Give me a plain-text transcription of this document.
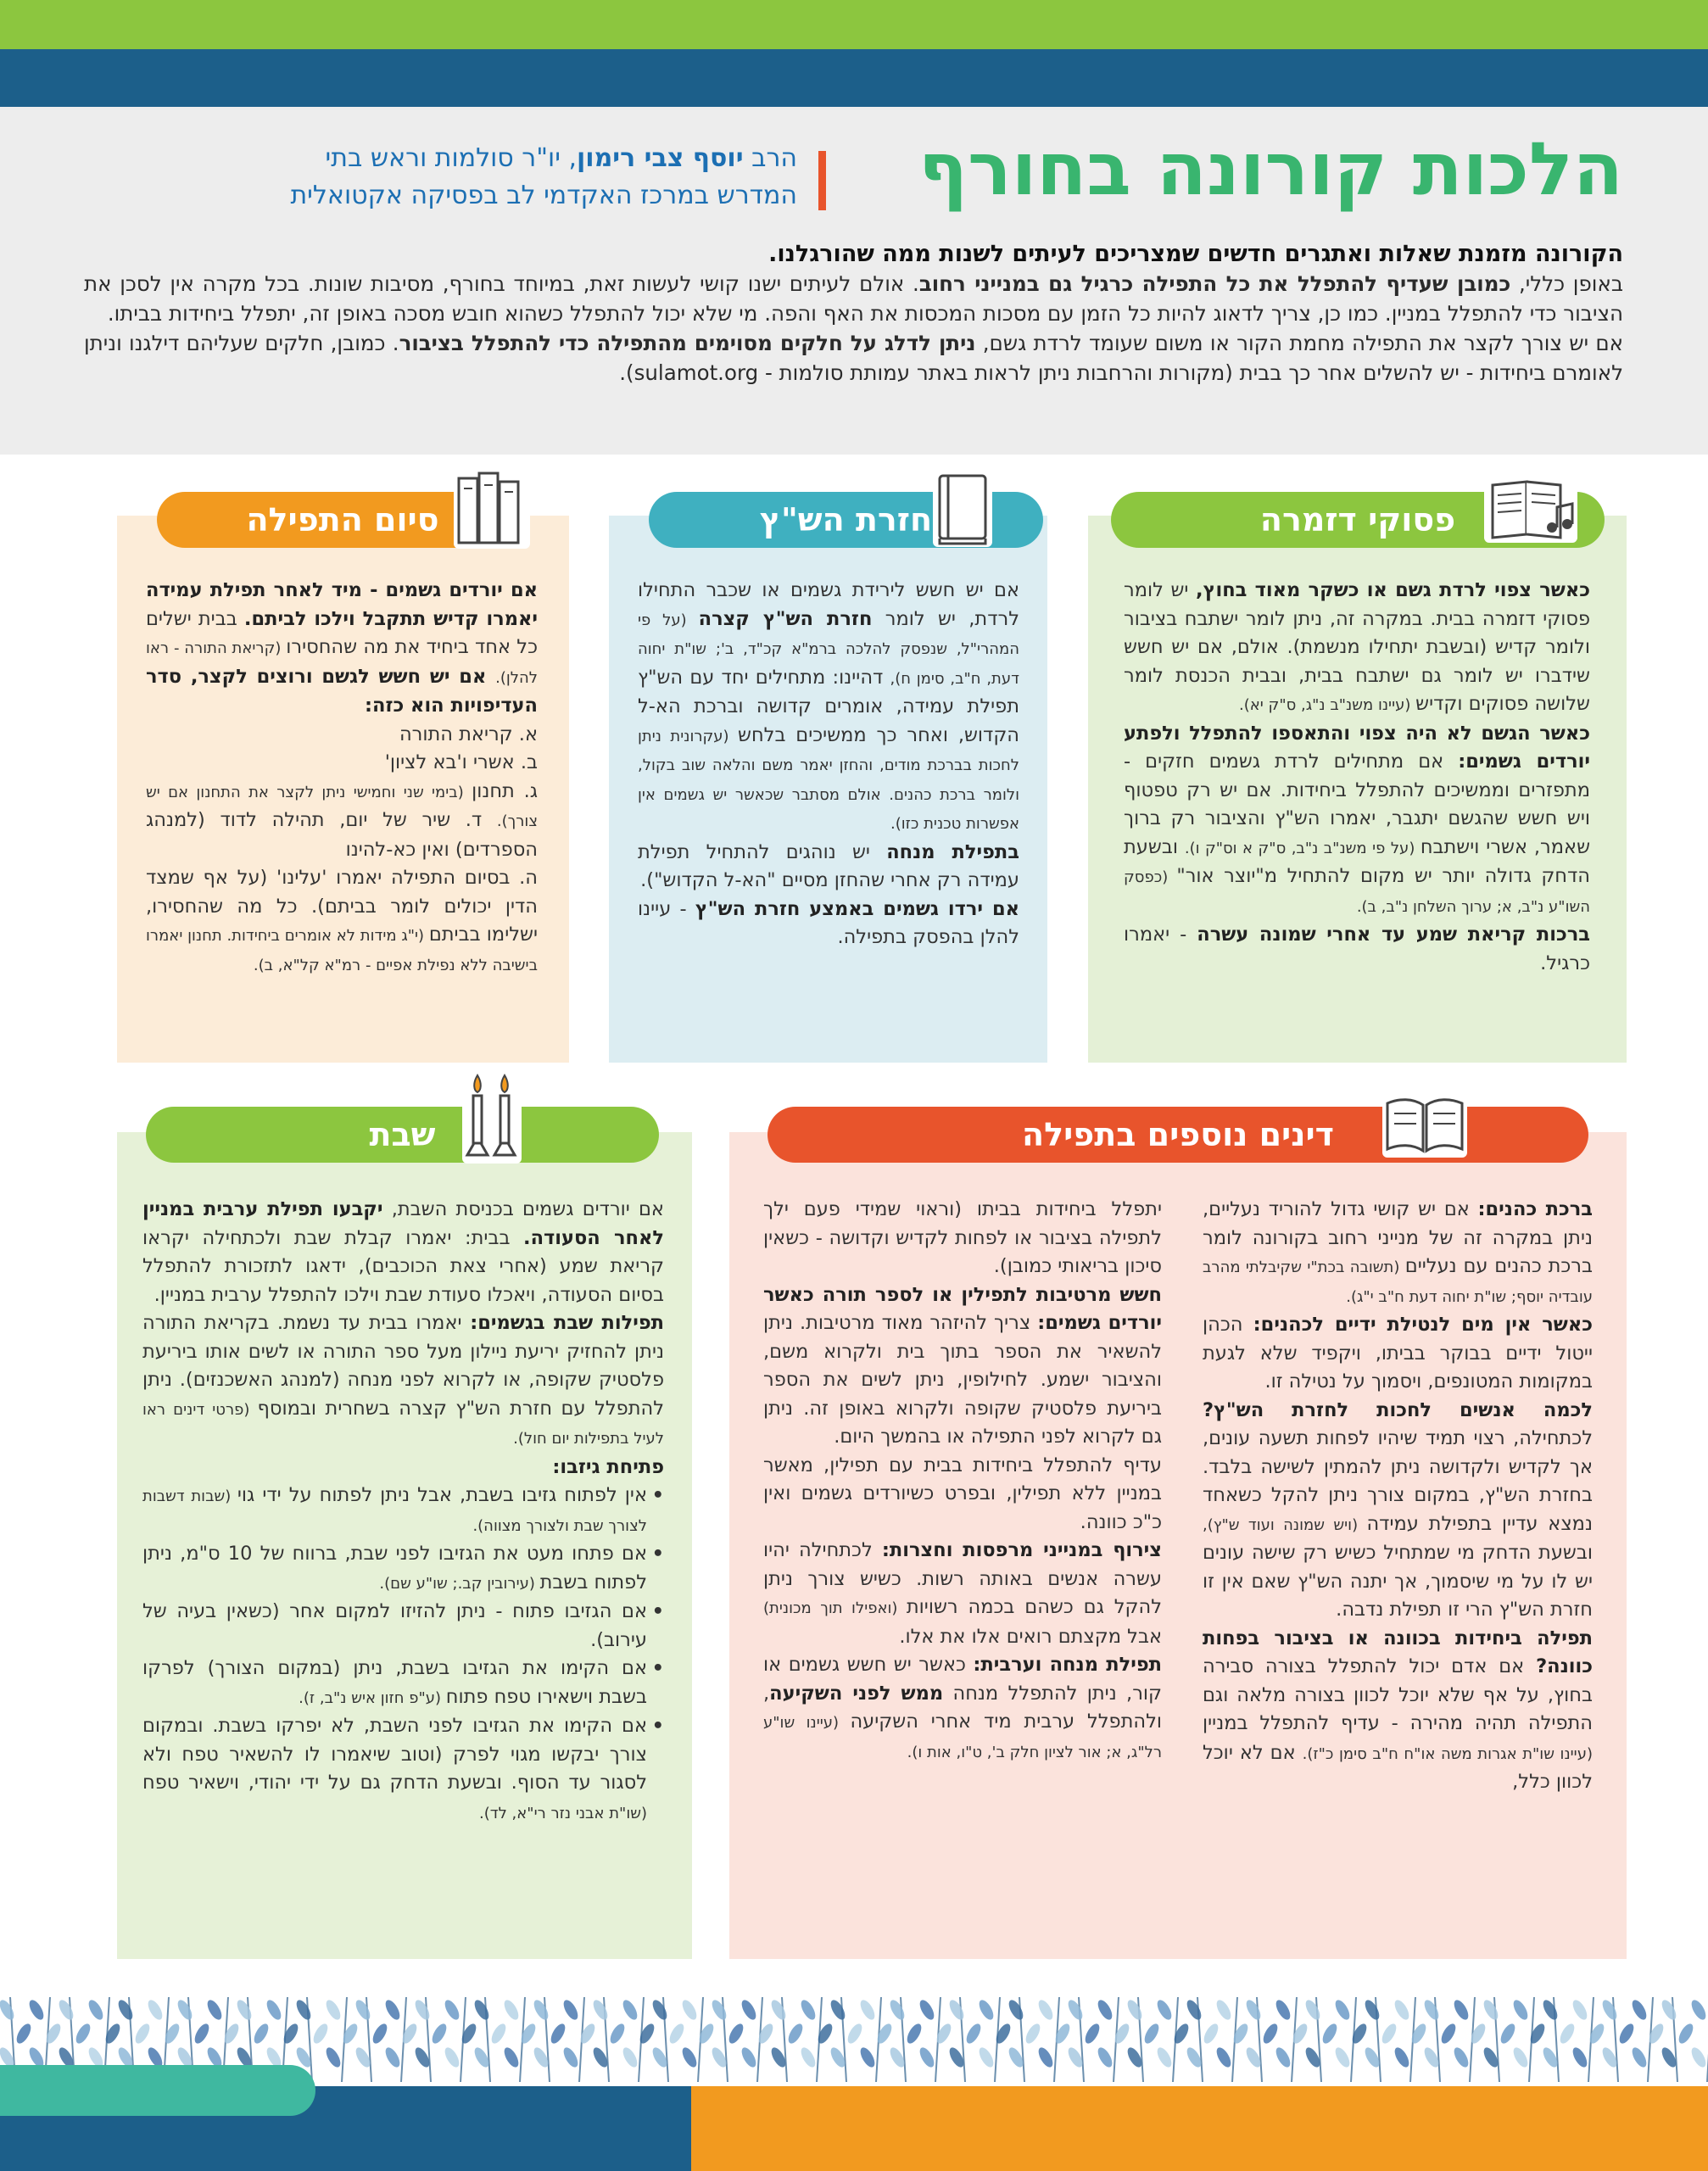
הלכות קורונה בחורף
הרב יוסף צבי רימון, יו"ר סולמות וראש בתי
המדרש במרכז האקדמי לב בפסיקה אקטואלית

הקורונה מזמנת שאלות ואתגרים חדשים שמצריכים לעיתים לשנות ממה שהורגלנו.

באופן כללי, כמובן שעדיף להתפלל את כל התפילה כרגיל גם במנייני רחוב. אולם לעיתים ישנו קושי לעשות זאת, במיוחד בחורף, מסיבות שונות. בכל מקרה אין לסכן את הציבור כדי להתפלל במניין. כמו כן, צריך לדאוג להיות כל הזמן עם מסכות המכסות את האף והפה. מי שלא יכול להתפלל כשהוא חובש מסכה באופן זה, יתפלל ביחידות בביתו.

אם יש צורך לקצר את התפילה מחמת הקור או משום שעומד לרדת גשם, ניתן לדלג על חלקים מסוימים מהתפילה כדי להתפלל בציבור. כמובן, חלקים שעליהם דילגנו וניתן לאומרם ביחידות - יש להשלים אחר כך בבית (מקורות והרחבות ניתן לראות באתר עמותת סולמות - sulamot.org).

פסוקי דזמרה
חזרת הש"ץ
סיום התפילה
דינים נוספים בתפילה
שבת

כאשר צפוי לרדת גשם או כשקר מאוד בחוץ, יש לומר פסוקי דזמרה בבית. במקרה זה, ניתן לומר ישתבח בציבור ולומר קדיש (ובשבת יתחילו מנשמת). אולם, אם יש חשש שידברו יש לומר גם ישתבח בבית, ובבית הכנסת לומר שלושה פסוקים וקדיש (עיינו משנ"ב נ"ג, ס"ק יא).

כאשר הגשם לא היה צפוי והתאספו להתפלל ולפתע יורדים גשמים: אם מתחילים לרדת גשמים חזקים - מתפזרים וממשיכים להתפלל ביחידות. אם יש רק טפטוף ויש חשש שהגשם יתגבר, יאמרו הש"ץ והציבור רק ברוך שאמר, אשרי וישתבח (על פי משנ"ב נ"ב, ס"ק א וס"ק ו). ובשעת הדחק גדולה יותר יש מקום להתחיל מ"יוצר אור" (כפסק השו"ע נ"ב, א; ערוך השלחן נ"ב, ב).

ברכות קריאת שמע עד אחרי שמונה עשרה - יאמרו כרגיל.

אם יש חשש לירידת גשמים או שכבר התחילו לרדת, יש לומר חזרת הש"ץ קצרה (על פי המהרי"ל, שנפסק להלכה ברמ"א קכ"ד, ב'; שו"ת יחוה דעת, ח"ב, סימן ח), דהיינו: מתחילים יחד עם הש"ץ תפילת עמידה, אומרים קדושה וברכת הא-ל הקדוש, ואחר כך ממשיכים בלחש (עקרונית ניתן לחכות בברכת מודים, והחזן יאמר משם והלאה שוב בקול, ולומר ברכת כהנים. אולם מסתבר שכאשר יש גשמים אין אפשרות טכנית כזו).

בתפילת מנחה יש נוהגים להתחיל תפילת עמידה רק אחרי שהחזן מסיים "הא-ל הקדוש").

אם ירדו גשמים באמצע חזרת הש"ץ - עיינו להלן בהפסק בתפילה.

אם יורדים גשמים - מיד לאחר תפילת עמידה יאמרו קדיש תתקבל וילכו לביתם. בבית ישלים כל אחד ביחיד את מה שהחסירו (קריאת התורה - ראו להלן). אם יש חשש לגשם ורוצים לקצר, סדר העדיפויות הוא כזה:

א. קריאת התורה

ב. אשרי ו'בא לציון'

ג. תחנון (בימי שני וחמישי ניתן לקצר את התחנון אם יש צורך). ד. שיר של יום, תהילה לדוד (למנהג הספרדים) ואין כא-להינו

ה. בסיום התפילה יאמרו 'עלינו' (על אף שמצד הדין יכולים לומר בביתם). כל מה שהחסירו, ישלימו בביתם (י"ג מידות לא אומרים ביחידות. תחנון יאמרו בישיבה ללא נפילת אפיים - רמ"א קל"א, ב).

ברכת כהנים: אם יש קושי גדול להוריד נעליים, ניתן במקרה זה של מנייני רחוב בקורונה לומר ברכת כהנים עם נעליים (תשובה בכת"י שקיבלתי מהרב עובדיה יוסף; שו"ת יחוה דעת ח"ב י"ג).

כאשר אין מים לנטילת ידיים לכהנים: הכהן ייטול ידיים בבוקר בביתו, ויקפיד שלא לגעת במקומות המטונפים, ויסמוך על נטילה זו.

לכמה אנשים לחכות לחזרת הש"ץ? לכתחילה, רצוי תמיד שיהיו לפחות תשעה עונים, אך לקדיש ולקדושה ניתן להמתין לשישה בלבד. בחזרת הש"ץ, במקום צורך ניתן להקל כשאחד נמצא עדיין בתפילת עמידה (ויש שמונה ועוד ש"ץ), ובשעת הדחק מי שמתחיל כשיש רק שישה עונים יש לו על מי שיסמוך, אך יתנה הש"ץ שאם אין זו חזרת הש"ץ הרי זו תפילת נדבה.

תפילה ביחידות בכוונה או בציבור בפחות כוונה? אם אדם יכול להתפלל בצורה סבירה בחוץ, על אף שלא יוכל לכוון בצורה מלאה וגם התפילה תהיה מהירה - עדיף להתפלל במניין (עיינו שו"ת אגרות משה או"ח ח"ב סימן כ"ז). אם לא יוכל לכוון כלל,

יתפלל ביחידות בביתו (וראוי שמידי פעם ילך לתפילה בציבור או לפחות לקדיש וקדושה - כשאין סיכון בריאותי כמובן).

חשש מרטיבות לתפילין או לספר תורה כאשר יורדים גשמים: צריך להיזהר מאוד מרטיבות. ניתן להשאיר את הספר בתוך בית ולקרוא משם, והציבור ישמע. לחילופין, ניתן לשים את הספר ביריעת פלסטיק שקופה ולקרוא באופן זה. ניתן גם לקרוא לפני התפילה או בהמשך היום.

עדיף להתפלל ביחידות בבית עם תפילין, מאשר במניין ללא תפילין, ובפרט כשיורדים גשמים ואין כ"כ כוונה.

צירוף במנייני מרפסות וחצרות: לכתחילה יהיו עשרה אנשים באותה רשות. כשיש צורך ניתן להקל גם כשהם בכמה רשויות (ואפילו תוך מכונית) אבל מקצתם רואים אלו את אלו.

תפילת מנחה וערבית: כאשר יש חשש גשמים או קור, ניתן להתפלל מנחה ממש לפני השקיעה, ולהתפלל ערבית מיד אחרי השקיעה (עיינו שו"ע רל"ג, א; אור לציון חלק ב', ט"ו, אות ו).

אם יורדים גשמים בכניסת השבת, יקבעו תפילת ערבית במניין לאחר הסעודה. בבית: יאמרו קבלת שבת ולכתחילה יקראו קריאת שמע (אחרי צאת הכוכבים), ידאגו לתזכורת להתפלל בסיום הסעודה, ויאכלו סעודת שבת וילכו להתפלל ערבית במניין.

תפילות שבת בגשמים: יאמרו בבית עד נשמת. בקריאת התורה ניתן להחזיק יריעת ניילון מעל ספר התורה או לשים אותו ביריעת פלסטיק שקופה, או לקרוא לפני מנחה (למנהג האשכנזים). ניתן להתפלל עם חזרת הש"ץ קצרה בשחרית ובמוסף (פרטי דינים ראו לעיל בתפילות יום חול).

פתיחת גיזבו:

• אין לפתוח גזיבו בשבת, אבל ניתן לפתוח על ידי גוי (שבות דשבות לצורך שבת ולצורך מצווה).
• אם פתחו מעט את הגזיבו לפני שבת, ברווח של 10 ס"מ, ניתן לפתוח בשבת (עירובין קב.; שו"ע שם).
• אם הגזיבו פתוח - ניתן להזיזו למקום אחר (כשאין בעיה של עירוב).
• אם הקימו את הגזיבו בשבת, ניתן (במקום הצורך) לפרקו בשבת וישאירו טפח פתוח (ע"פ חזון איש נ"ב, ז).
• אם הקימו את הגזיבו לפני השבת, לא יפרקו בשבת. ובמקום צורך יבקשו מגוי לפרק (וטוב שיאמרו לו להשאיר טפח ולא לסגור עד הסוף. ובשעת הדחק גם על ידי יהודי, וישאיר טפח (שו"ת אבני נזר רי"א, לד).
